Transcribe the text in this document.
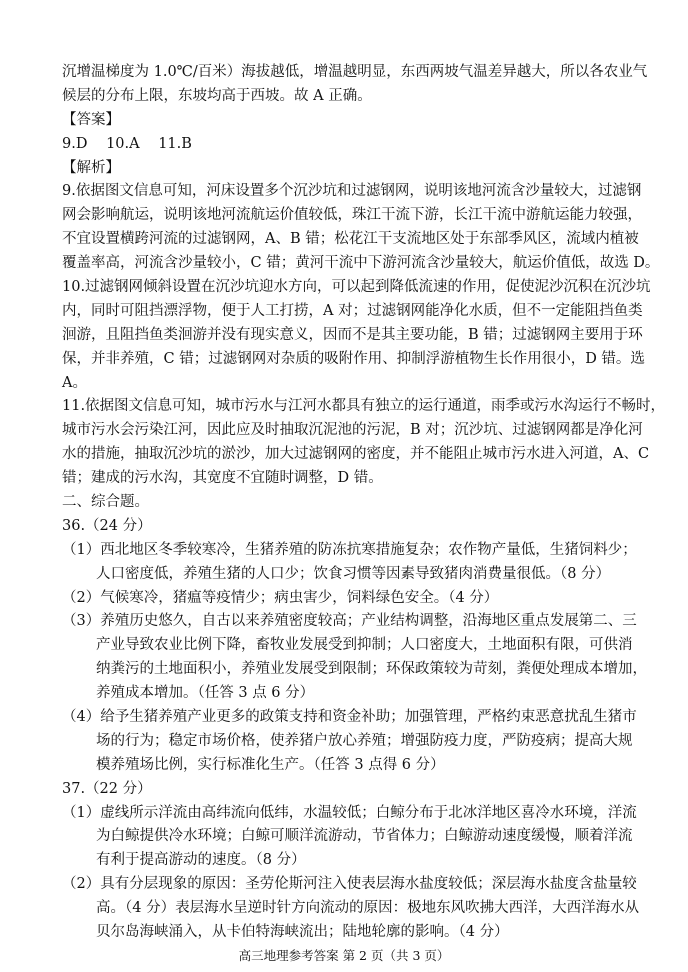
沉增温梯度为 1.0℃/百米）海拔越低，增温越明显，东西两坡气温差异越大，所以各农业气
候层的分布上限，东坡均高于西坡。故 A 正确。
【答案】
9.D 10.A 11.B
【解析】
9.依据图文信息可知，河床设置多个沉沙坑和过滤钢网，说明该地河流含沙量较大，过滤钢
网会影响航运，说明该地河流航运价值较低，珠江干流下游，长江干流中游航运能力较强，
不宜设置横跨河流的过滤钢网，A、B 错；松花江干支流地区处于东部季风区，流域内植被
覆盖率高，河流含沙量较小，C 错；黄河干流中下游河流含沙量较大，航运价值低，故选 D。
10.过滤钢网倾斜设置在沉沙坑迎水方向，可以起到降低流速的作用，促使泥沙沉积在沉沙坑
内，同时可阻挡漂浮物，便于人工打捞，A 对；过滤钢网能净化水质，但不一定能阻挡鱼类
洄游，且阻挡鱼类洄游并没有现实意义，因而不是其主要功能，B 错；过滤钢网主要用于环
保，并非养殖，C 错；过滤钢网对杂质的吸附作用、抑制浮游植物生长作用很小，D 错。选
A。
11.依据图文信息可知，城市污水与江河水都具有独立的运行通道，雨季或污水沟运行不畅时，
城市污水会污染江河，因此应及时抽取沉泥池的污泥，B 对；沉沙坑、过滤钢网都是净化河
水的措施，抽取沉沙坑的淤沙，加大过滤钢网的密度，并不能阻止城市污水进入河道，A、C
错；建成的污水沟，其宽度不宜随时调整，D 错。
二、综合题。
36.（24 分）
（1）西北地区冬季较寒冷，生猪养殖的防冻抗寒措施复杂；农作物产量低，生猪饲料少；
人口密度低，养殖生猪的人口少；饮食习惯等因素导致猪肉消费量很低。（8 分）
（2）气候寒冷，猪瘟等疫情少；病虫害少，饲料绿色安全。（4 分）
（3）养殖历史悠久，自古以来养殖密度较高；产业结构调整，沿海地区重点发展第二、三
产业导致农业比例下降，畜牧业发展受到抑制；人口密度大，土地面积有限，可供消
纳粪污的土地面积小，养殖业发展受到限制；环保政策较为苛刻，粪便处理成本增加，
养殖成本增加。（任答 3 点 6 分）
（4）给予生猪养殖产业更多的政策支持和资金补助；加强管理，严格约束恶意扰乱生猪市
场的行为；稳定市场价格，使养猪户放心养殖；增强防疫力度，严防疫病；提高大规
模养殖场比例，实行标准化生产。（任答 3 点得 6 分）
37.（22 分）
（1）虚线所示洋流由高纬流向低纬，水温较低；白鲸分布于北冰洋地区喜冷水环境，洋流
为白鲸提供冷水环境；白鲸可顺洋流游动，节省体力；白鲸游动速度缓慢，顺着洋流
有利于提高游动的速度。（8 分）
（2）具有分层现象的原因：圣劳伦斯河注入使表层海水盐度较低；深层海水盐度含盐量较
高。（4 分）表层海水呈逆时针方向流动的原因：极地东风吹拂大西洋，大西洋海水从
贝尔岛海峡涌入，从卡伯特海峡流出；陆地轮廓的影响。（4 分）
高三地理参考答案 第 2 页（共 3 页）
